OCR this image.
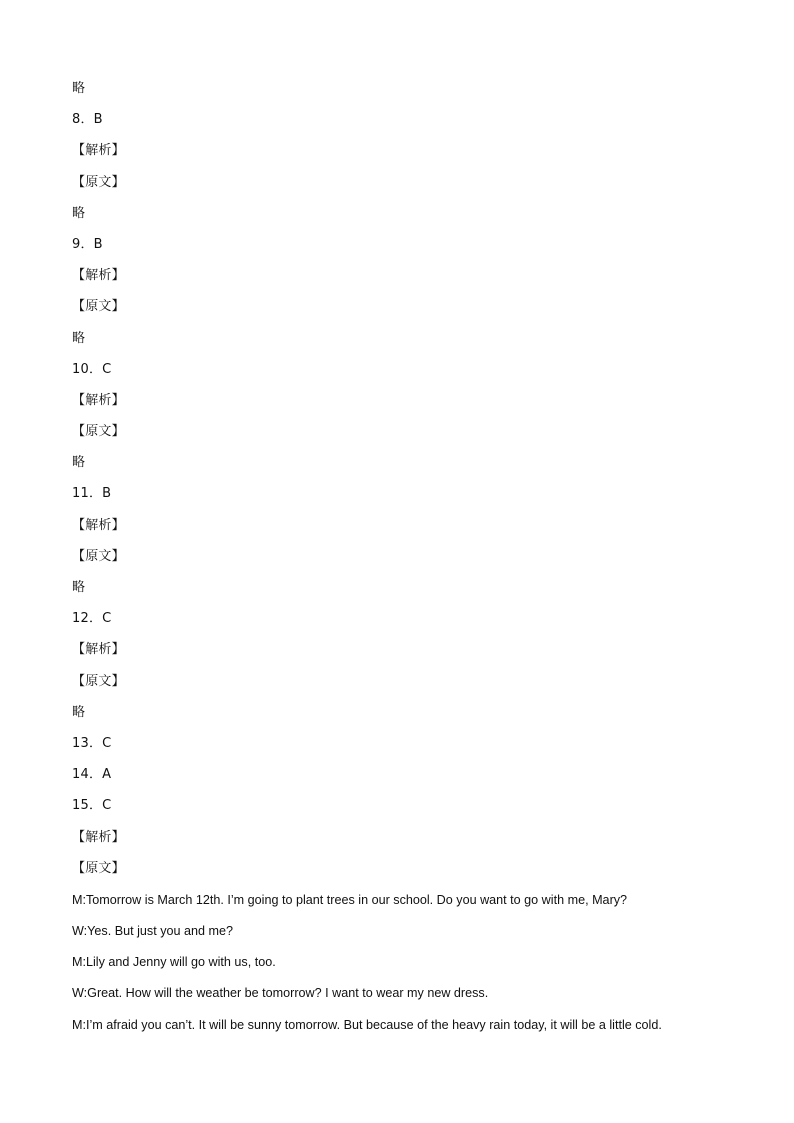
略
8．B
【解析】
【原文】
略
9．B
【解析】
【原文】
略
10．C
【解析】
【原文】
略
11．B
【解析】
【原文】
略
12．C
【解析】
【原文】
略
13．C
14．A
15．C
【解析】
【原文】
M:Tomorrow is March 12th. I’m going to plant trees in our school. Do you want to go with me, Mary?
W:Yes. But just you and me?
M:Lily and Jenny will go with us, too.
W:Great. How will the weather be tomorrow? I want to wear my new dress.
M:I’m afraid you can’t. It will be sunny tomorrow. But because of the heavy rain today, it will be a little cold.
